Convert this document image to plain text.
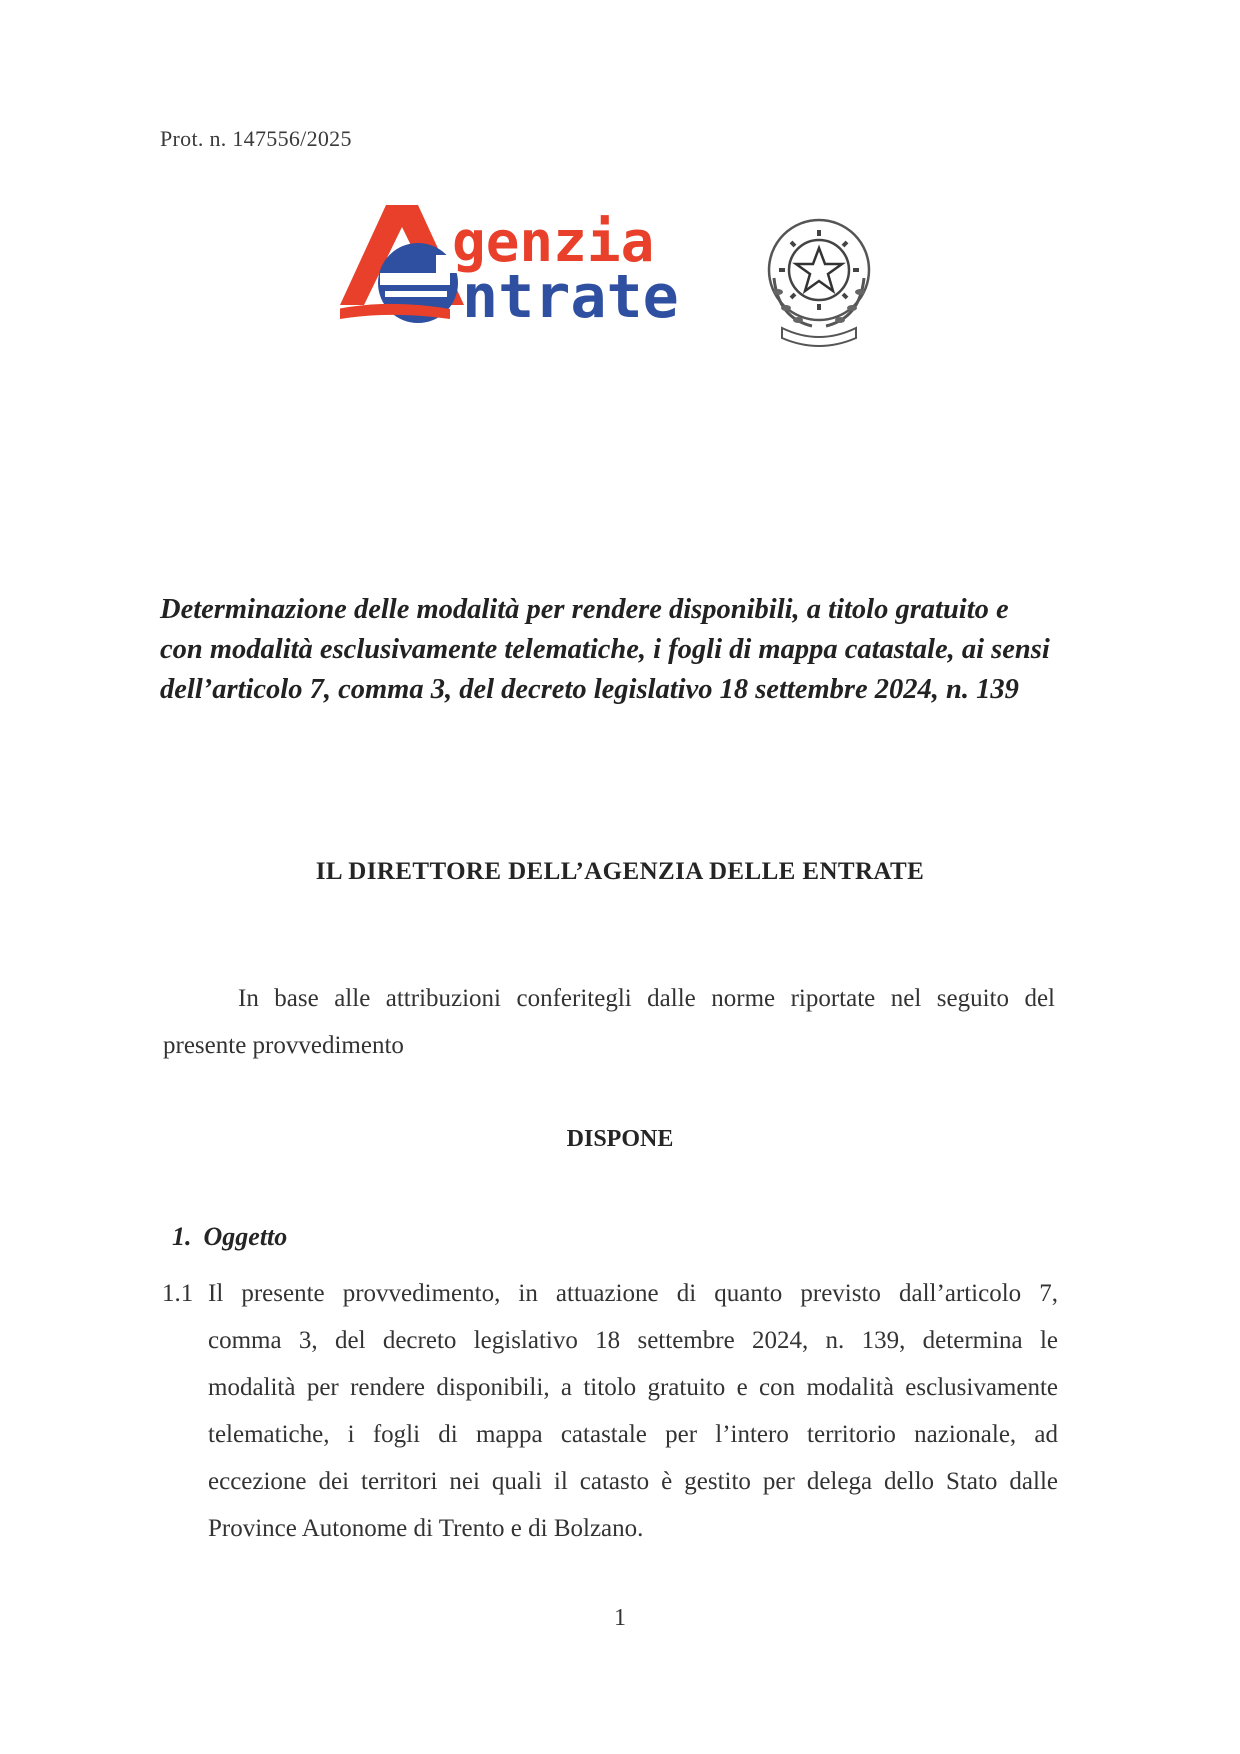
Prot. n. 147556/2025
genzia
ntrate
Determinazione delle modalità per rendere disponibili, a titolo gratuito e
con modalità esclusivamente telematiche, i fogli di mappa catastale, ai sensi
dell’articolo 7, comma 3, del decreto legislativo 18 settembre 2024, n. 139
IL DIRETTORE DELL’AGENZIA DELLE ENTRATE
In base alle attribuzioni conferitegli dalle norme riportate nel seguito del
presente provvedimento
DISPONE
1. Oggetto
1.1 Il presente provvedimento, in attuazione di quanto previsto dall’articolo 7,
comma 3, del decreto legislativo 18 settembre 2024, n. 139, determina le
modalità per rendere disponibili, a titolo gratuito e con modalità esclusivamente
telematiche, i fogli di mappa catastale per l’intero territorio nazionale, ad
eccezione dei territori nei quali il catasto è gestito per delega dello Stato dalle
Province Autonome di Trento e di Bolzano.
1
